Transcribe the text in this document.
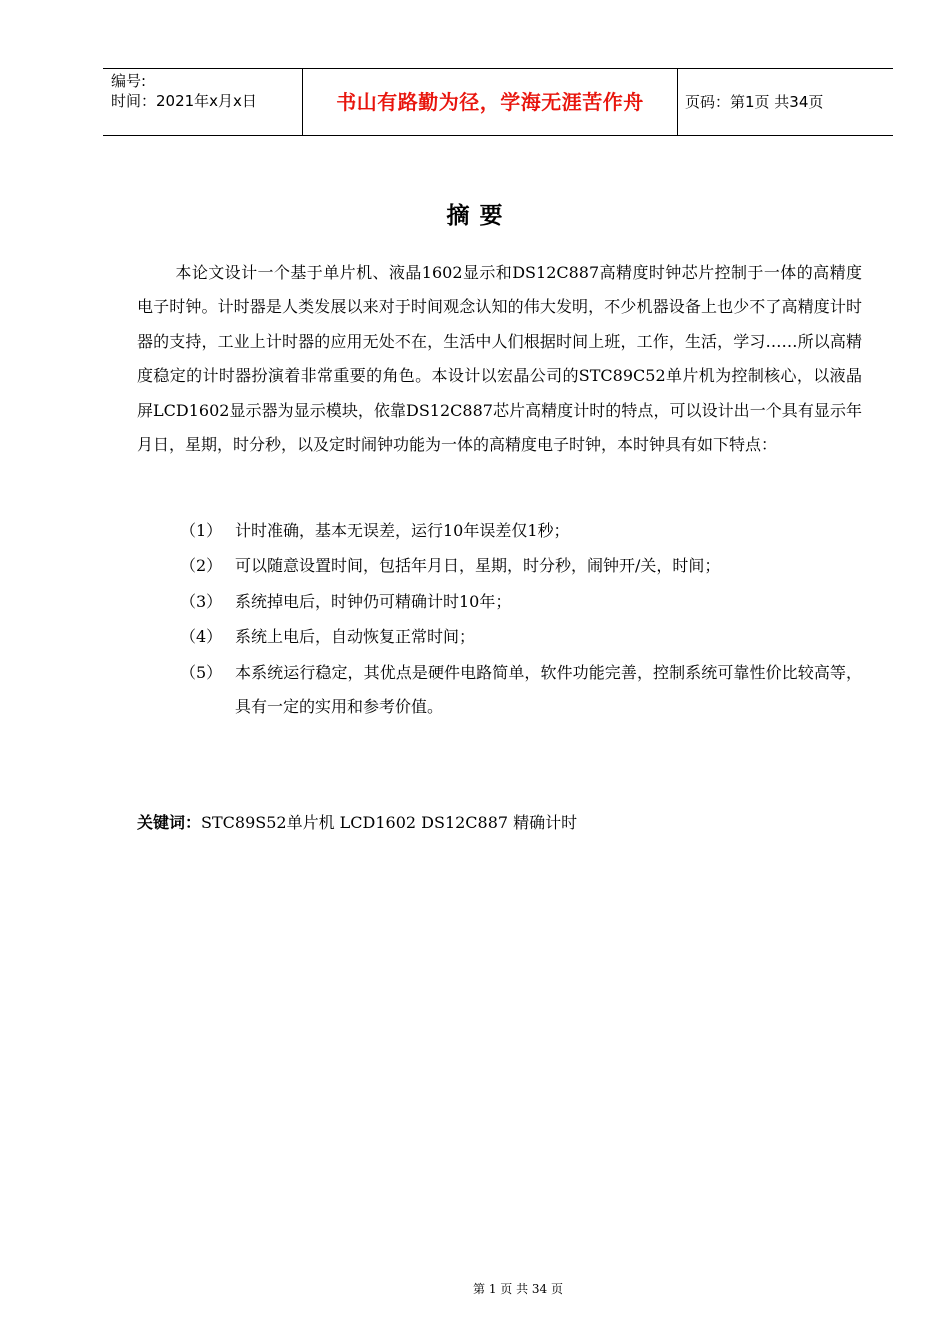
编号:
时间：2021年x月x日	书山有路勤为径，学海无涯苦作舟	页码：第1页 共34页
摘 要
本论文设计一个基于单片机、液晶1602显示和DS12C887高精度时钟芯片控制于一体的高精度电子时钟。计时器是人类发展以来对于时间观念认知的伟大发明，不少机器设备上也少不了高精度计时器的支持，工业上计时器的应用无处不在，生活中人们根据时间上班，工作，生活，学习……所以高精度稳定的计时器扮演着非常重要的角色。本设计以宏晶公司的STC89C52单片机为控制核心，以液晶屏LCD1602显示器为显示模块，依靠DS12C887芯片高精度计时的特点，可以设计出一个具有显示年月日，星期，时分秒，以及定时闹钟功能为一体的高精度电子时钟，本时钟具有如下特点：
（1） 计时准确，基本无误差，运行10年误差仅1秒；
（2） 可以随意设置时间，包括年月日，星期，时分秒，闹钟开/关，时间；
（3） 系统掉电后，时钟仍可精确计时10年；
（4） 系统上电后，自动恢复正常时间；
（5） 本系统运行稳定，其优点是硬件电路简单，软件功能完善，控制系统可靠性价比较高等，具有一定的实用和参考价值。
关键词：STC89S52单片机 LCD1602 DS12C887 精确计时
第 1 页 共 34 页
